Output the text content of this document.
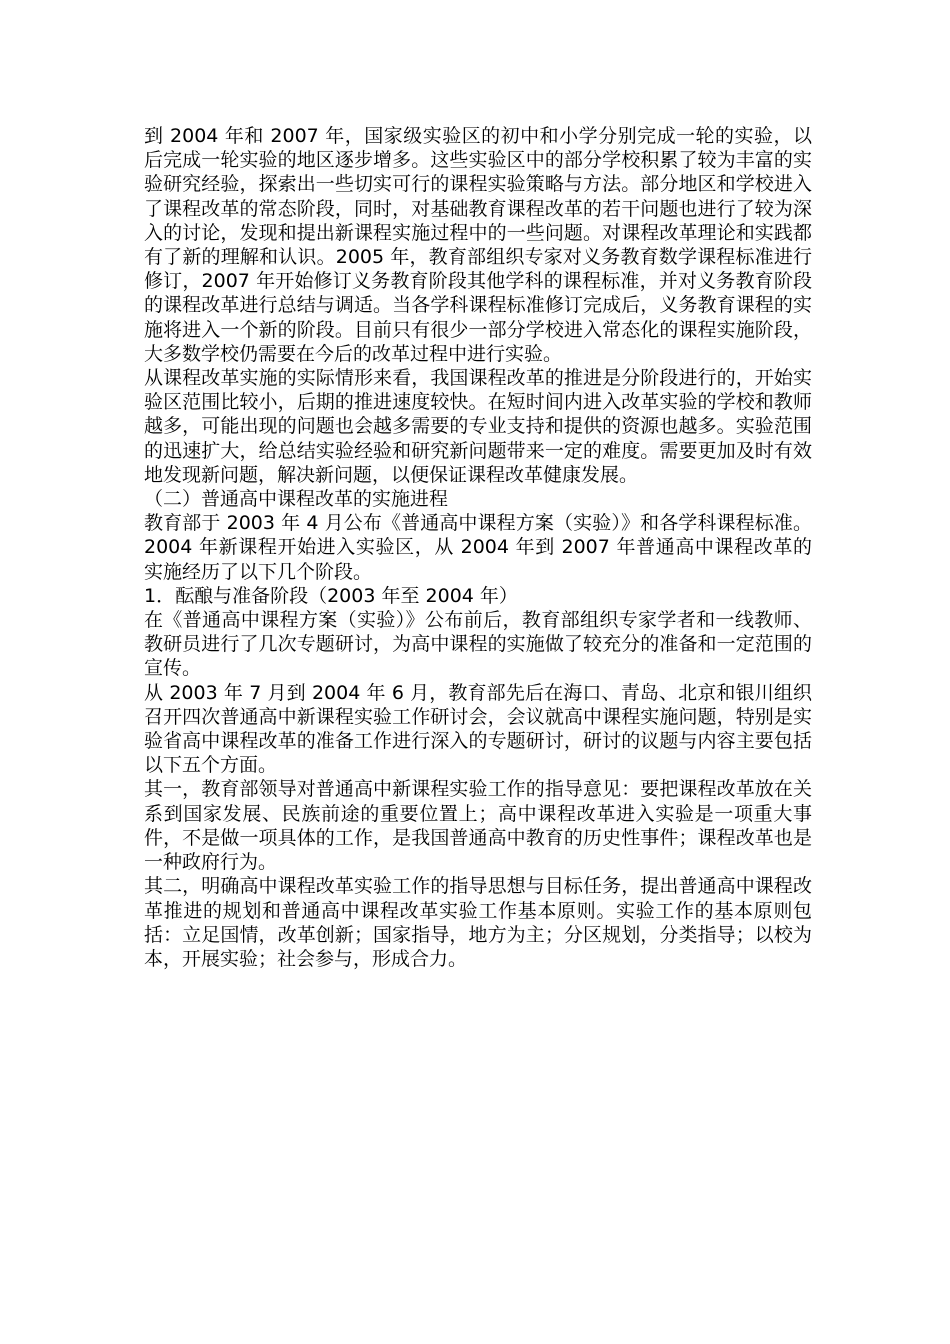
到 2004 年和 2007 年，国家级实验区的初中和小学分别完成一轮的实验，以后完成一轮实验的地区逐步增多。这些实验区中的部分学校积累了较为丰富的实验研究经验，探索出一些切实可行的课程实验策略与方法。部分地区和学校进入了课程改革的常态阶段，同时，对基础教育课程改革的若干问题也进行了较为深入的讨论，发现和提出新课程实施过程中的一些问题。对课程改革理论和实践都有了新的理解和认识。2005 年，教育部组织专家对义务教育数学课程标准进行修订，2007 年开始修订义务教育阶段其他学科的课程标准，并对义务教育阶段的课程改革进行总结与调适。当各学科课程标准修订完成后，义务教育课程的实施将进入一个新的阶段。目前只有很少一部分学校进入常态化的课程实施阶段，大多数学校仍需要在今后的改革过程中进行实验。

从课程改革实施的实际情形来看，我国课程改革的推进是分阶段进行的，开始实验区范围比较小，后期的推进速度较快。在短时间内进入改革实验的学校和教师越多，可能出现的问题也会越多需要的专业支持和提供的资源也越多。实验范围的迅速扩大，给总结实验经验和研究新问题带来一定的难度。需要更加及时有效地发现新问题，解决新问题，以便保证课程改革健康发展。

（二）普通高中课程改革的实施进程

教育部于 2003 年 4 月公布《普通高中课程方案（实验）》和各学科课程标准。2004 年新课程开始进入实验区，从 2004 年到 2007 年普通高中课程改革的实施经历了以下几个阶段。

1．酝酿与准备阶段（2003 年至 2004 年）

在《普通高中课程方案（实验）》公布前后，教育部组织专家学者和一线教师、教研员进行了几次专题研讨，为高中课程的实施做了较充分的准备和一定范围的宣传。

从 2003 年 7 月到 2004 年 6 月，教育部先后在海口、青岛、北京和银川组织召开四次普通高中新课程实验工作研讨会，会议就高中课程实施问题，特别是实验省高中课程改革的准备工作进行深入的专题研讨，研讨的议题与内容主要包括以下五个方面。

其一，教育部领导对普通高中新课程实验工作的指导意见：要把课程改革放在关系到国家发展、民族前途的重要位置上；高中课程改革进入实验是一项重大事件，不是做一项具体的工作，是我国普通高中教育的历史性事件；课程改革也是一种政府行为。

其二，明确高中课程改革实验工作的指导思想与目标任务，提出普通高中课程改革推进的规划和普通高中课程改革实验工作基本原则。实验工作的基本原则包括：立足国情，改革创新；国家指导，地方为主；分区规划，分类指导；以校为本，开展实验；社会参与，形成合力。
